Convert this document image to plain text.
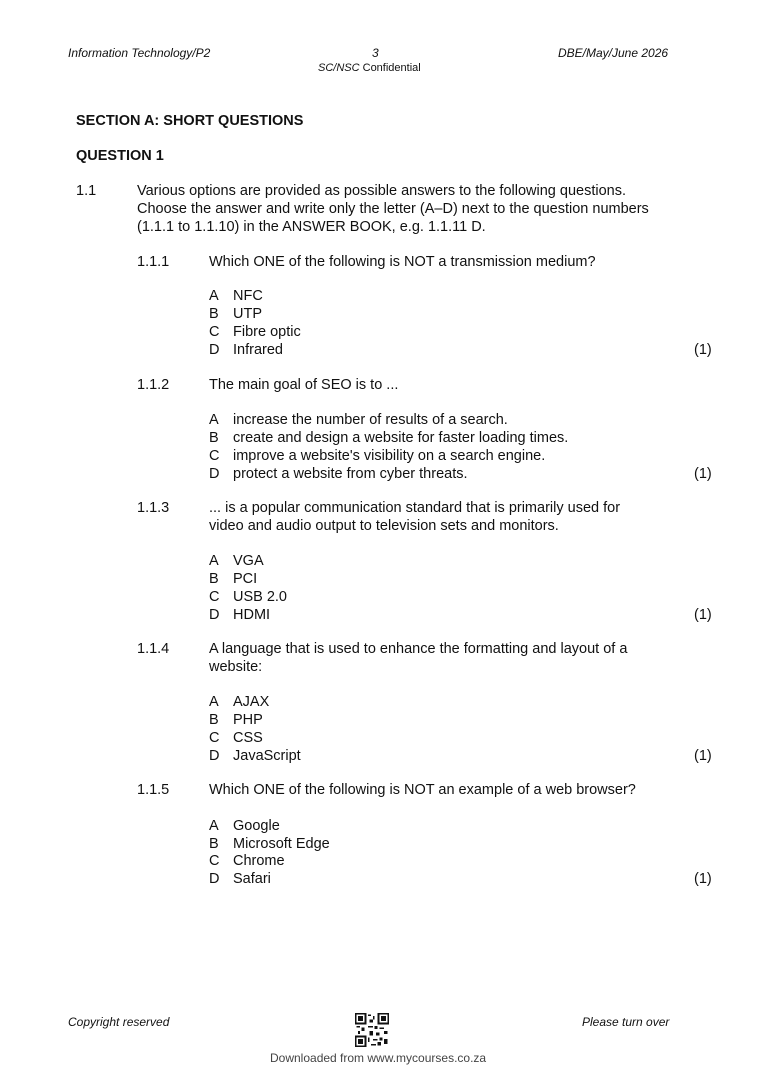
Information Technology/P2	3	DBE/May/June 2026
SC/NSC Confidential
SECTION A: SHORT QUESTIONS
QUESTION 1
1.1	Various options are provided as possible answers to the following questions.
Choose the answer and write only the letter (A–D) next to the question numbers
(1.1.1 to 1.1.10) in the ANSWER BOOK, e.g. 1.1.11 D.
1.1.1	Which ONE of the following is NOT a transmission medium?
A NFC
B UTP
C Fibre optic
D Infrared	(1)
1.1.2	The main goal of SEO is to ...
A increase the number of results of a search.
B create and design a website for faster loading times.
C improve a website's visibility on a search engine.
D protect a website from cyber threats.	(1)
1.1.3	... is a popular communication standard that is primarily used for
video and audio output to television sets and monitors.
A VGA
B PCI
C USB 2.0
D HDMI	(1)
1.1.4	A language that is used to enhance the formatting and layout of a
website:
A AJAX
B PHP
C CSS
D JavaScript	(1)
1.1.5	Which ONE of the following is NOT an example of a web browser?
A Google
B Microsoft Edge
C Chrome
D Safari	(1)
Copyright reserved	Please turn over
Downloaded from www.mycourses.co.za
